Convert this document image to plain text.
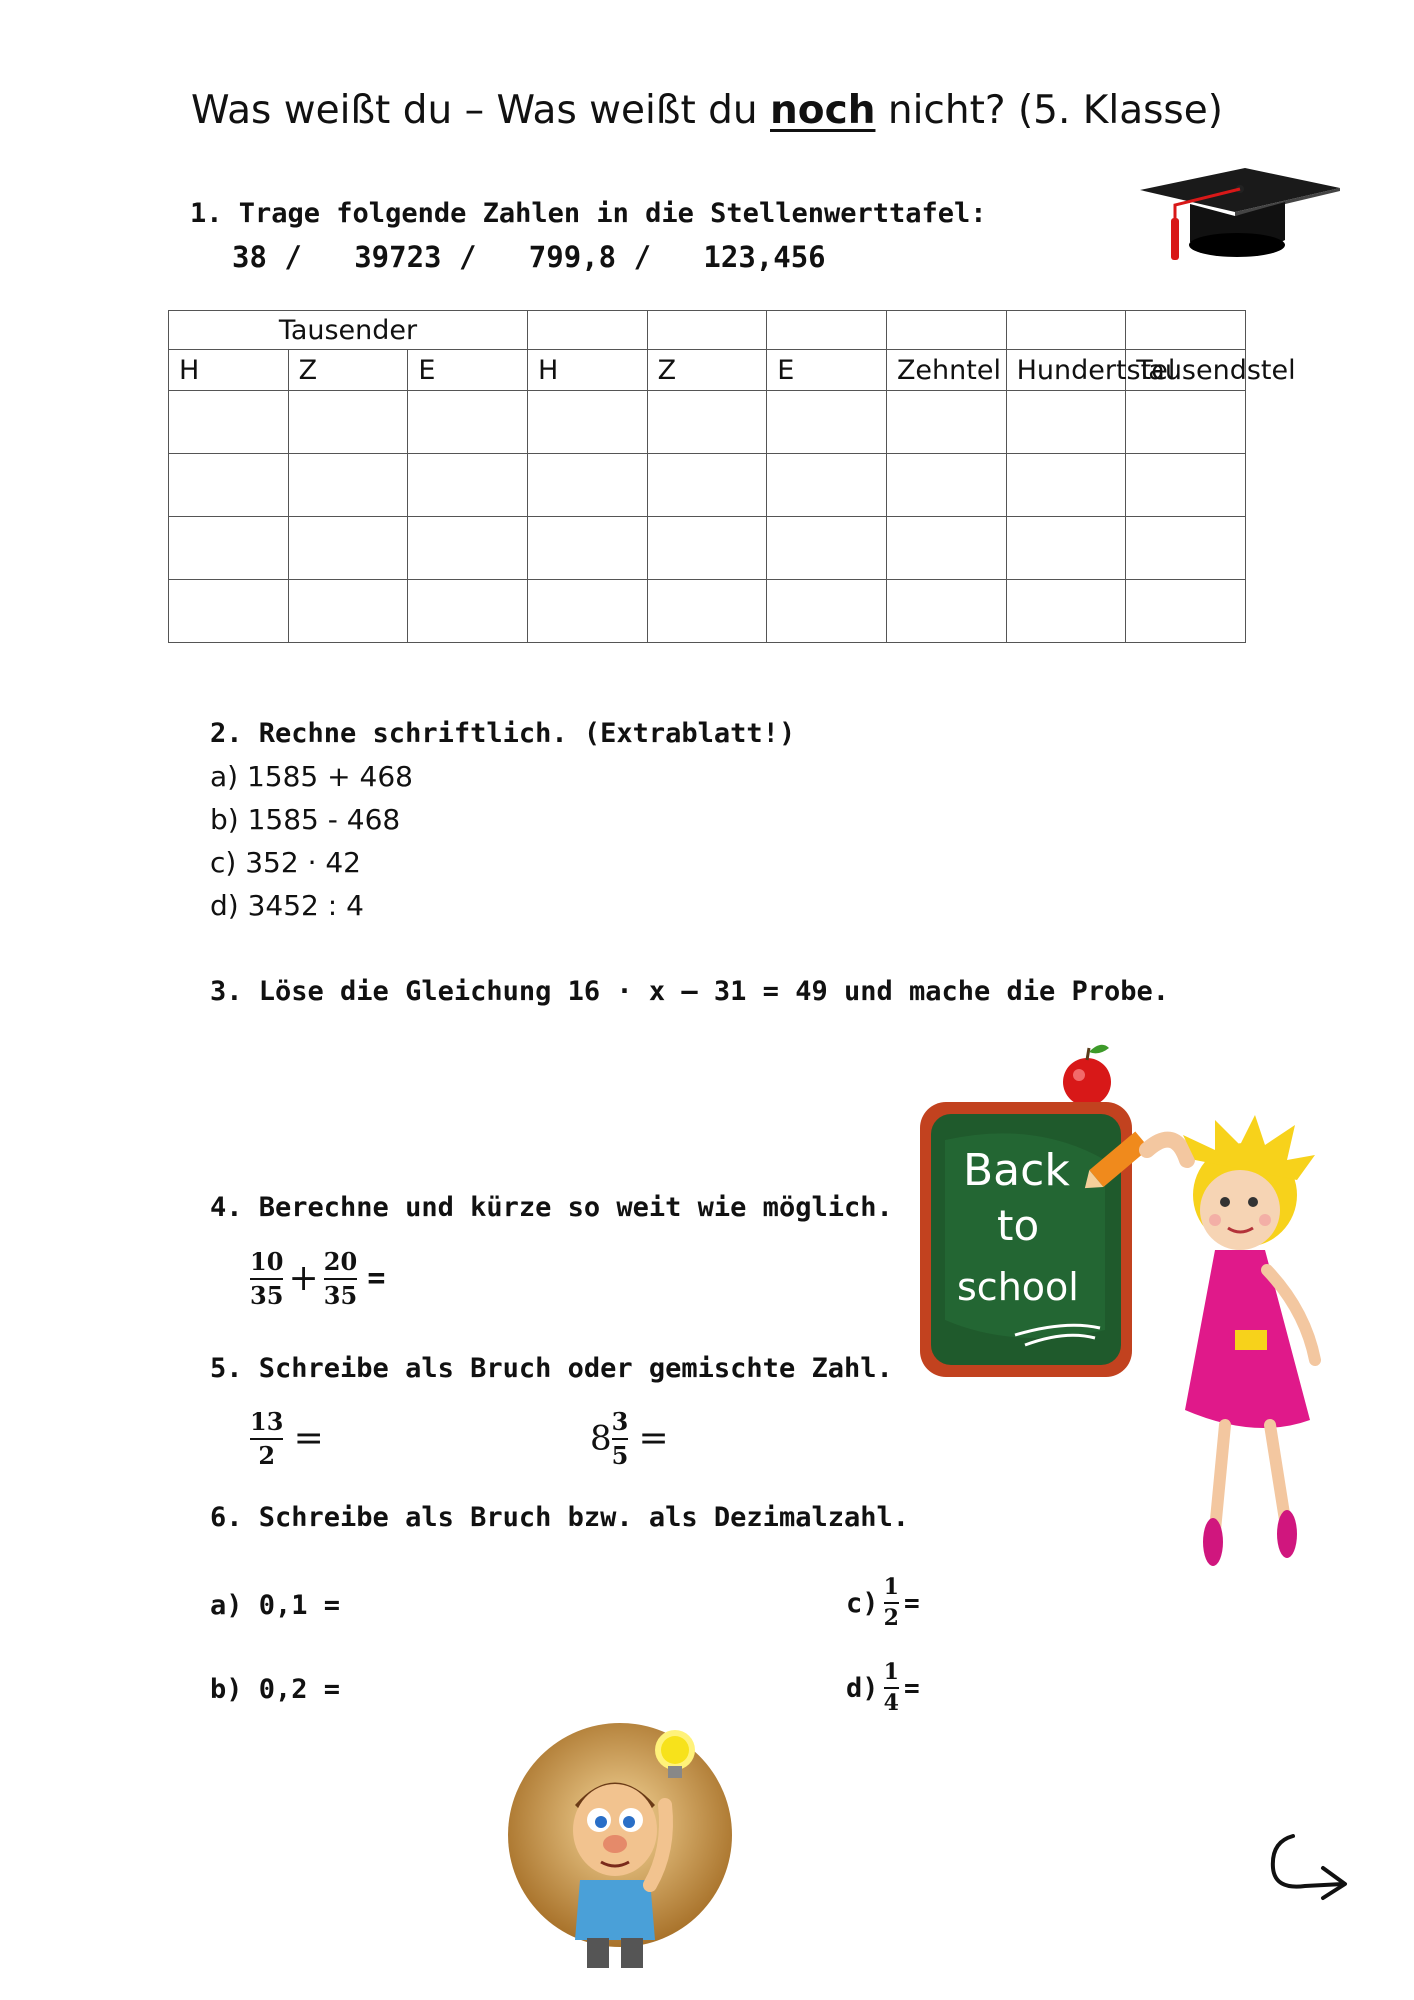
Was weißt du – Was weißt du noch nicht? (5. Klasse)
1. Trage folgende Zahlen in die Stellenwerttafel:
38 /   39723 /   799,8 /   123,456
Tausender								
H	Z	E	H	Z	E	Zehntel	Hundertstel	Tausendstel

2. Rechne schriftlich. (Extrablatt!)
a) 1585 + 468
b) 1585 - 468
c) 352 · 42
d) 3452 : 4
3. Löse die Gleichung 16 · x – 31 = 49 und mache die Probe.
4. Berechne und kürze so weit wie möglich.
$\frac{10}{35} + \frac{20}{35}$ =
5. Schreibe als Bruch oder gemischte Zahl.
$\frac{13}{2}$ =	$8 \frac{3}{5}$ =
6. Schreibe als Bruch bzw. als Dezimalzahl.
a) 0,1 =
b) 0,2 =
$c) \frac{1}{2}$ =
$d) \frac{1}{4}$ =
Back
to
school
